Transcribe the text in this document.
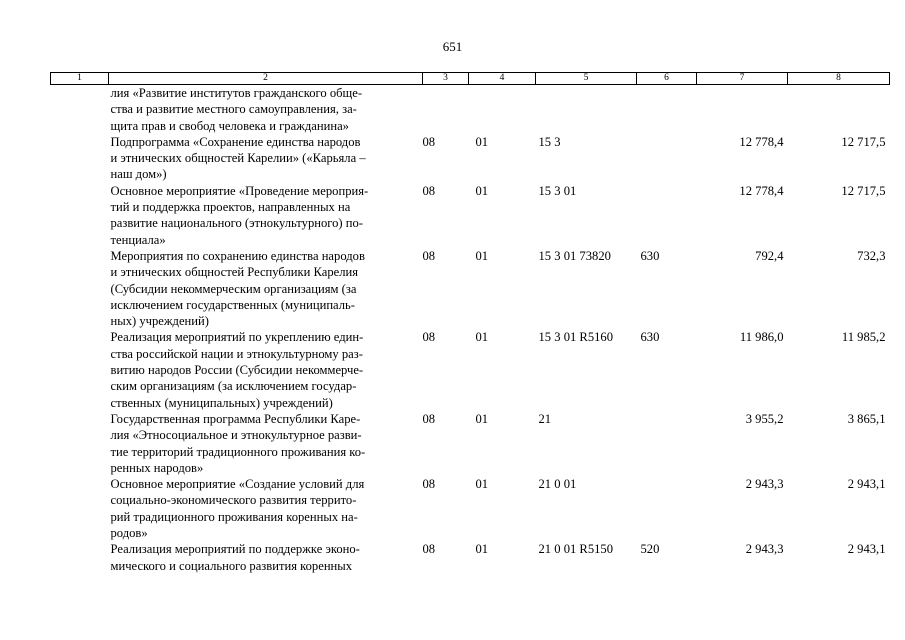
651
1	2	3	4	5	6	7	8

	лия «Развитие институтов гражданского обще-
ства и развитие местного самоуправления, за-
щита прав и свобод человека и гражданина»						

	Подпрограмма «Сохранение единства народов
и этнических общностей Карелии» («Карьяла –
наш дом»)	08	01	15 3		12 778,4	12 717,5

	Основное мероприятие «Проведение мероприя-
тий и поддержка проектов, направленных на
развитие национального (этнокультурного) по-
тенциала»	08	01	15 3 01		12 778,4	12 717,5

	Мероприятия по сохранению единства народов
и этнических общностей Республики Карелия
(Субсидии некоммерческим организациям (за
исключением государственных (муниципаль-
ных) учреждений)	08	01	15 3 01 73820	630	792,4	732,3

	Реализация мероприятий по укреплению един-
ства российской нации и этнокультурному раз-
витию народов России (Субсидии некоммерче-
ским организациям (за исключением государ-
ственных (муниципальных) учреждений)	08	01	15 3 01 R5160	630	11 986,0	11 985,2

	Государственная программа Республики Каре-
лия «Этносоциальное и этнокультурное разви-
тие территорий традиционного проживания ко-
ренных народов»	08	01	21		3 955,2	3 865,1

	Основное мероприятие «Создание условий для
социально-экономического развития террито-
рий традиционного проживания коренных на-
родов»	08	01	21 0 01		2 943,3	2 943,1

	Реализация мероприятий по поддержке эконо-
мического и социального развития коренных	08	01	21 0 01 R5150	520	2 943,3	2 943,1
